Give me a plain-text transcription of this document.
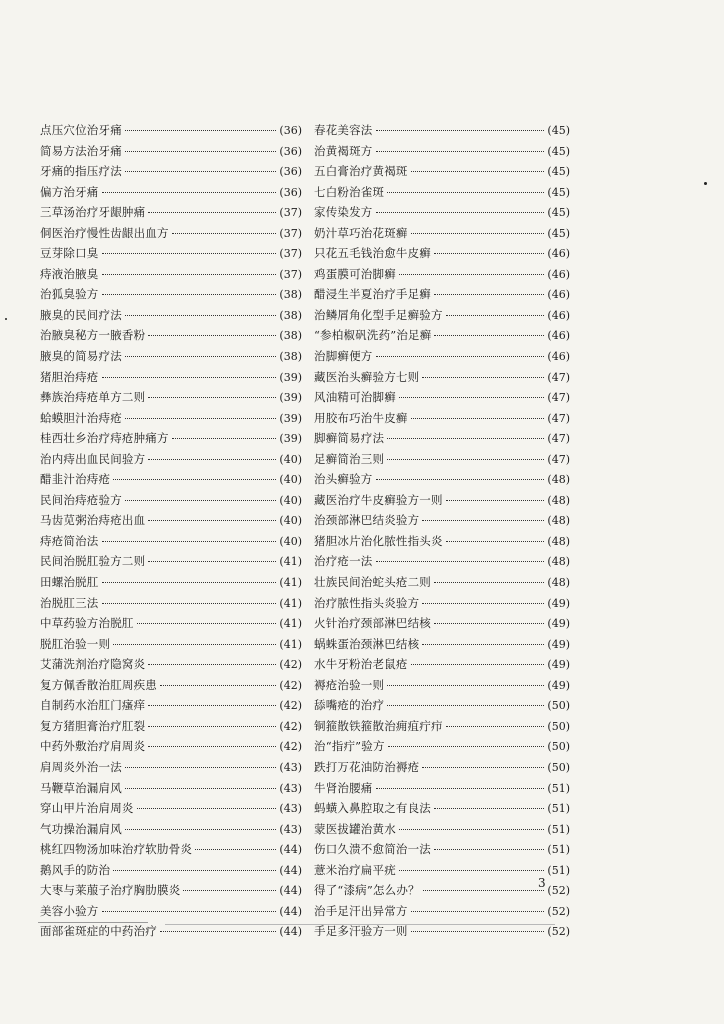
点压穴位治牙痛	(36)
简易方法治牙痛	(36)
牙痛的指压疗法	(36)
偏方治牙痛	(36)
三草汤治疗牙龈肿痛	(37)
侗医治疗慢性齿龈出血方	(37)
豆芽除口臭	(37)
痔液治腋臭	(37)
治狐臭验方	(38)
腋臭的民间疗法	(38)
治腋臭秘方一腋香粉	(38)
腋臭的简易疗法	(38)
猪胆治痔疮	(39)
彝族治痔疮单方二则	(39)
蛤蟆胆汁治痔疮	(39)
桂西壮乡治疗痔疮肿痛方	(39)
治内痔出血民间验方	(40)
醋韭汁治痔疮	(40)
民间治痔疮验方	(40)
马齿苋粥治痔疮出血	(40)
痔疮简治法	(40)
民间治脱肛验方二则	(41)
田螺治脱肛	(41)
治脱肛三法	(41)
中草药验方治脱肛	(41)
脱肛治验一则	(41)
艾蒲洗剂治疗隐窝炎	(42)
复方佩香散治肛周疾患	(42)
自制药水治肛门瘙痒	(42)
复方猪胆膏治疗肛裂	(42)
中药外敷治疗肩周炎	(42)
肩周炎外治一法	(43)
马鞭草治漏肩风	(43)
穿山甲片治肩周炎	(43)
气功操治漏肩风	(43)
桃红四物汤加味治疗软肋骨炎	(44)
鹅风手的防治	(44)
大枣与莱菔子治疗胸肋膜炎	(44)
美容小验方	(44)
面部雀斑症的中药治疗	(44)
春花美容法	(45)
治黄褐斑方	(45)
五白膏治疗黄褐斑	(45)
七白粉治雀斑	(45)
家传染发方	(45)
奶汁草巧治花斑癣	(45)
只花五毛钱治愈牛皮癣	(46)
鸡蛋膜可治脚癣	(46)
醋浸生半夏治疗手足癣	(46)
治鳞屑角化型手足癣验方	(46)
“参柏椒矾洗药”治足癣	(46)
治脚癣便方	(46)
藏医治头癣验方七则	(47)
风油精可治脚癣	(47)
用胶布巧治牛皮癣	(47)
脚癣简易疗法	(47)
足癣简治三则	(47)
治头癣验方	(48)
藏医治疗牛皮癣验方一则	(48)
治颈部淋巴结炎验方	(48)
猪胆冰片治化脓性指头炎	(48)
治疗疮一法	(48)
壮族民间治蛇头疮二则	(48)
治疗脓性指头炎验方	(49)
火针治疗颈部淋巴结核	(49)
蜗蛛蛋治颈淋巴结核	(49)
水牛牙粉治老鼠疮	(49)
褥疮治验一则	(49)
舔嘴疮的治疗	(50)
铜箍散铁箍散治痈疽疔疖	(50)
治“指疔”验方	(50)
跌打万花油防治褥疮	(50)
牛肾治腰痛	(51)
蚂蟥入鼻腔取之有良法	(51)
蒙医拔罐治黄水	(51)
伤口久溃不愈简治一法	(51)
薏米治疗扁平疣	(51)
得了“漆病”怎么办？	(52)
治手足汗出异常方	(52)
手足多汗验方一则	(52)
3
